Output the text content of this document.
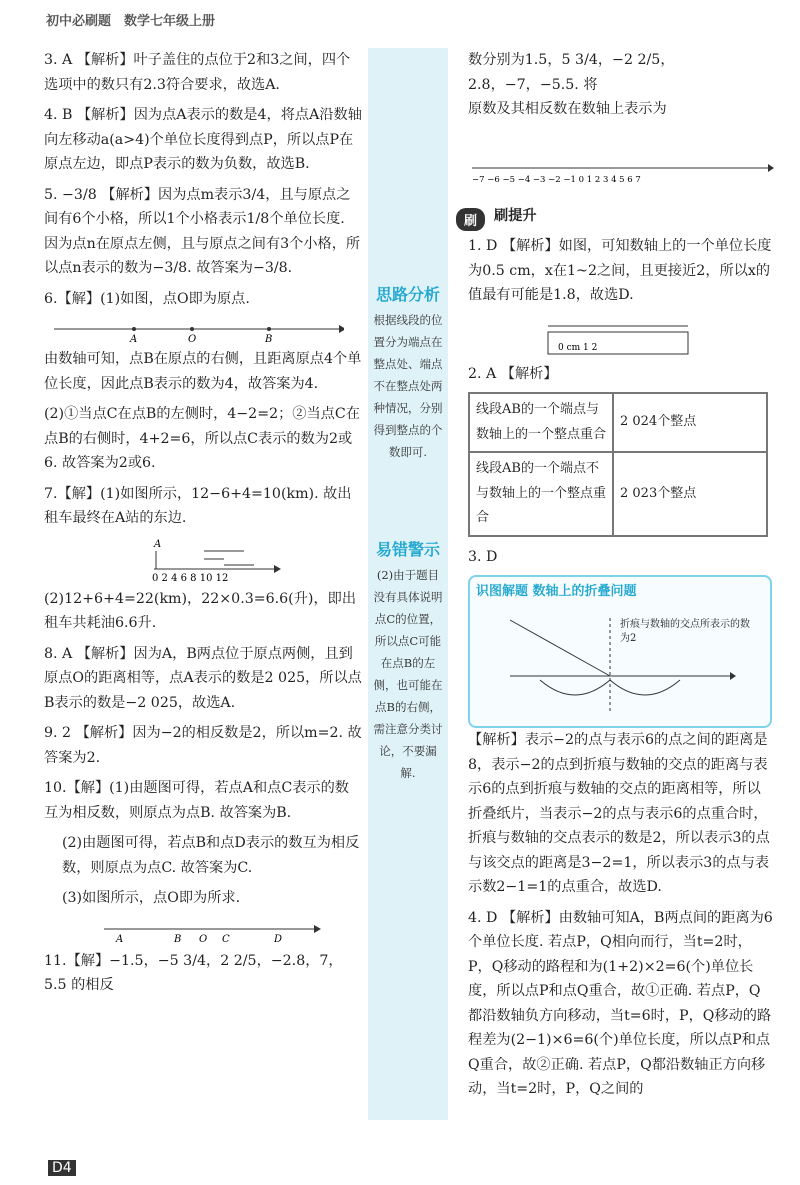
初中必刷题　数学七年级上册
思路分析
根据线段的位置分为端点在整点处、端点不在整点处两种情况，分别得到整点的个数即可.
易错警示
(2)由于题目没有具体说明点C的位置，所以点C可能在点B的左侧，也可能在点B的右侧，需注意分类讨论，不要漏解.
3. A 【解析】叶子盖住的点位于2和3之间，四个选项中的数只有2.3符合要求，故选A.
4. B 【解析】因为点A表示的数是4，将点A沿数轴向左移动a(a>4)个单位长度得到点P，所以点P在原点左边，即点P表示的数为负数，故选B.
5. −3/8 【解析】因为点m表示3/4，且与原点之间有6个小格，所以1个小格表示1/8个单位长度. 因为点n在原点左侧，且与原点之间有3个小格，所以点n表示的数为−3/8. 故答案为−3/8.
6.【解】(1)如图，点O即为原点.
A	O	B
由数轴可知，点B在原点的右侧，且距离原点4个单位长度，因此点B表示的数为4，故答案为4.
(2)①当点C在点B的左侧时，4−2=2；②当点C在点B的右侧时，4+2=6，所以点C表示的数为2或6. 故答案为2或6.
7.【解】(1)如图所示，12−6+4=10(km). 故出租车最终在A站的东边.
A
0 2 4 6 8 10 12
(2)12+6+4=22(km)，22×0.3=6.6(升)，即出租车共耗油6.6升.
8. A 【解析】因为A，B两点位于原点两侧，且到原点O的距离相等，点A表示的数是2 025，所以点B表示的数是−2 025，故选A.
9. 2 【解析】因为−2的相反数是2，所以m=2. 故答案为2.
10.【解】(1)由题图可得，若点A和点C表示的数互为相反数，则原点为点B. 故答案为B.
(2)由题图可得，若点B和点D表示的数互为相反数，则原点为点C. 故答案为C.
(3)如图所示，点O即为所求.
A	B O C	D
11.【解】−1.5，−5 3/4，2 2/5，−2.8，7，5.5 的相反
数分别为1.5，5 3/4，−2 2/5，2.8，−7，−5.5. 将
原数及其相反数在数轴上表示为
−7 −6 −5 −4 −3 −2 −1 0 1 2 3 4 5 6 7
刷提升
1. D 【解析】如图，可知数轴上的一个单位长度为0.5 cm，x在1~2之间，且更接近2，所以x的值最有可能是1.8，故选D.
0 cm 1 2
2. A 【解析】
线段AB的一个端点与数轴上的一个整点重合	2 024个整点
线段AB的一个端点不与数轴上的一个整点重合	2 023个整点
3. D
识图解题 数轴上的折叠问题
折痕与数轴的交点所表示的数为2
【解析】表示−2的点与表示6的点之间的距离是8，表示−2的点到折痕与数轴的交点的距离与表示6的点到折痕与数轴的交点的距离相等，所以折叠纸片，当表示−2的点与表示6的点重合时，折痕与数轴的交点表示的数是2，所以表示3的点与该交点的距离是3−2=1，所以表示3的点与表示数2−1=1的点重合，故选D.
4. D 【解析】由数轴可知A，B两点间的距离为6个单位长度. 若点P，Q相向而行，当t=2时，P，Q移动的路程和为(1+2)×2=6(个)单位长度，所以点P和点Q重合，故①正确. 若点P，Q都沿数轴负方向移动，当t=6时，P，Q移动的路程差为(2−1)×6=6(个)单位长度，所以点P和点Q重合，故②正确. 若点P，Q都沿数轴正方向移动，当t=2时，P，Q之间的
刷
D4
